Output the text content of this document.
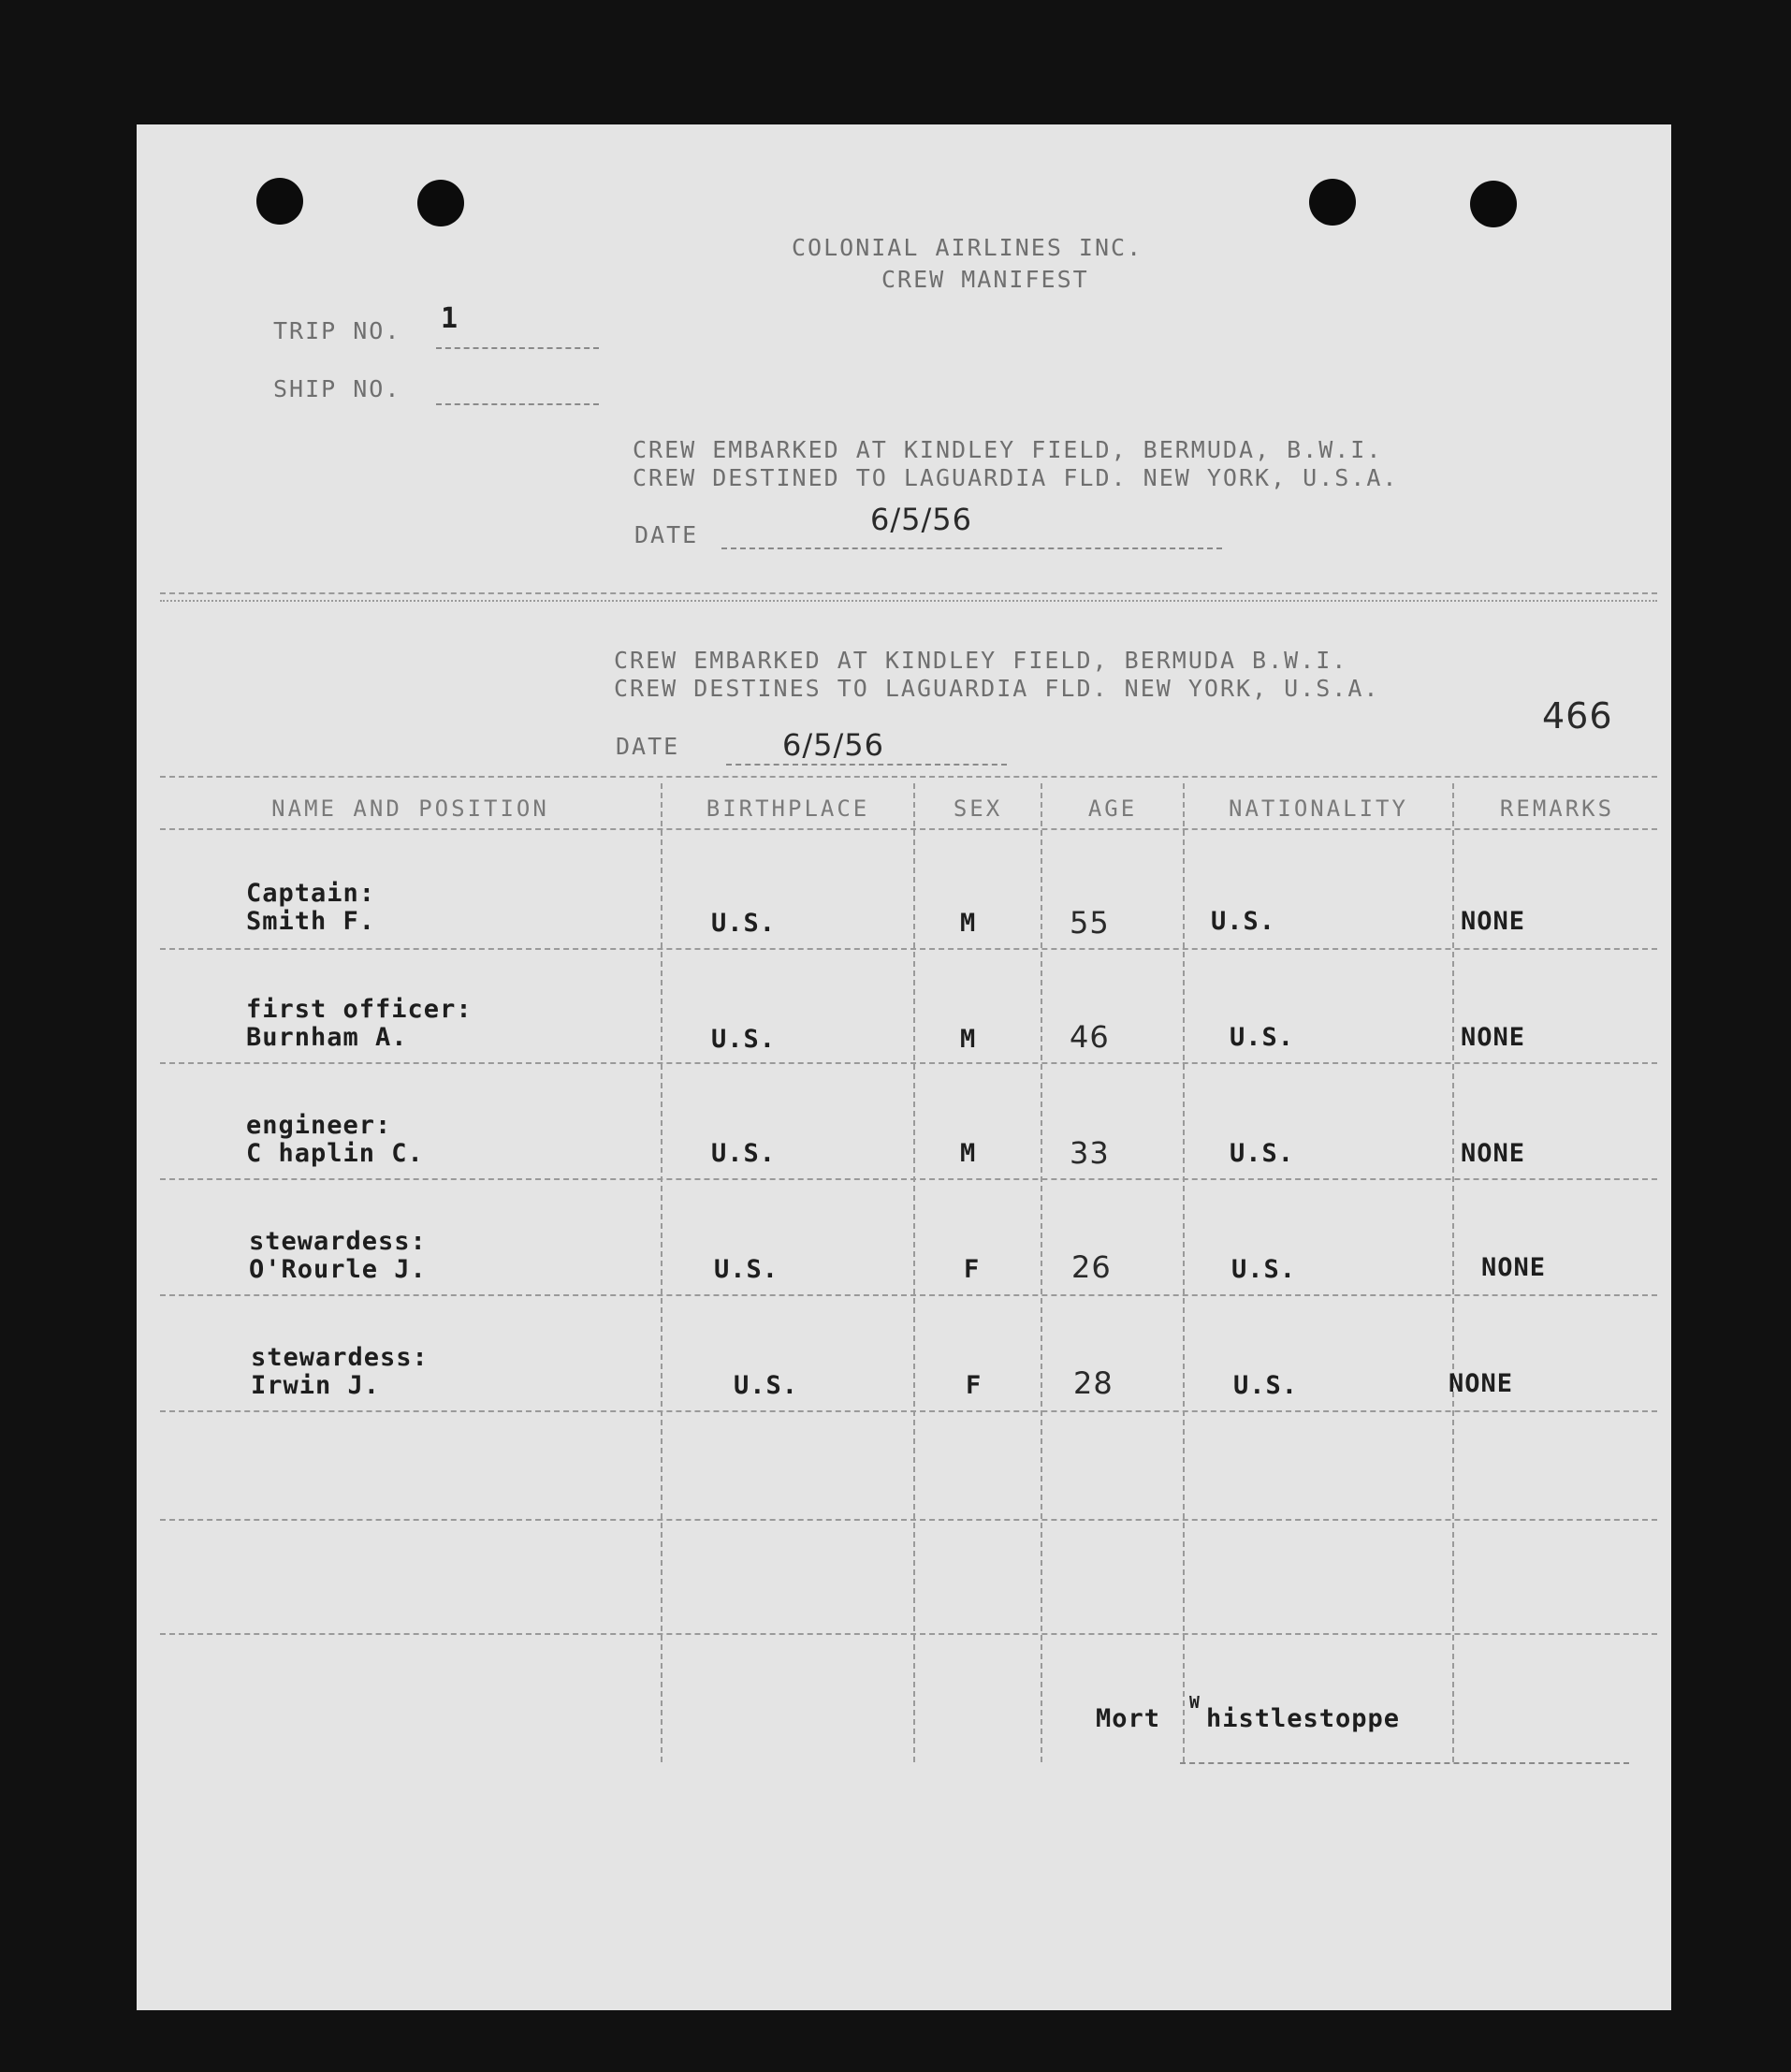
COLONIAL AIRLINES INC.
CREW MANIFEST
TRIP NO. 1
SHIP NO.
CREW EMBARKED AT KINDLEY FIELD, BERMUDA, B.W.I.
CREW DESTINED TO LAGUARDIA FLD. NEW YORK, U.S.A.
DATE	6/5/56
CREW EMBARKED AT KINDLEY FIELD, BERMUDA B.W.I.
CREW DESTINES TO LAGUARDIA FLD. NEW YORK, U.S.A.
466
DATE	6/5/56
NAME AND POSITION	BIRTHPLACE	SEX	AGE	NATIONALITY	REMARKS
Captain:
Smith F.	U.S.	M	55	U.S.	NONE
first officer:
Burnham A.	U.S.	M	46	U.S.	NONE
engineer:
C haplin C.	U.S.	M	33	U.S.	NONE
stewardess:
O'Rourle J.	U.S.	F	26	U.S.	NONE
stewardess:
Irwin J.	U.S.	F	28	U.S.	NONE
Mort
W
histlestoppe
